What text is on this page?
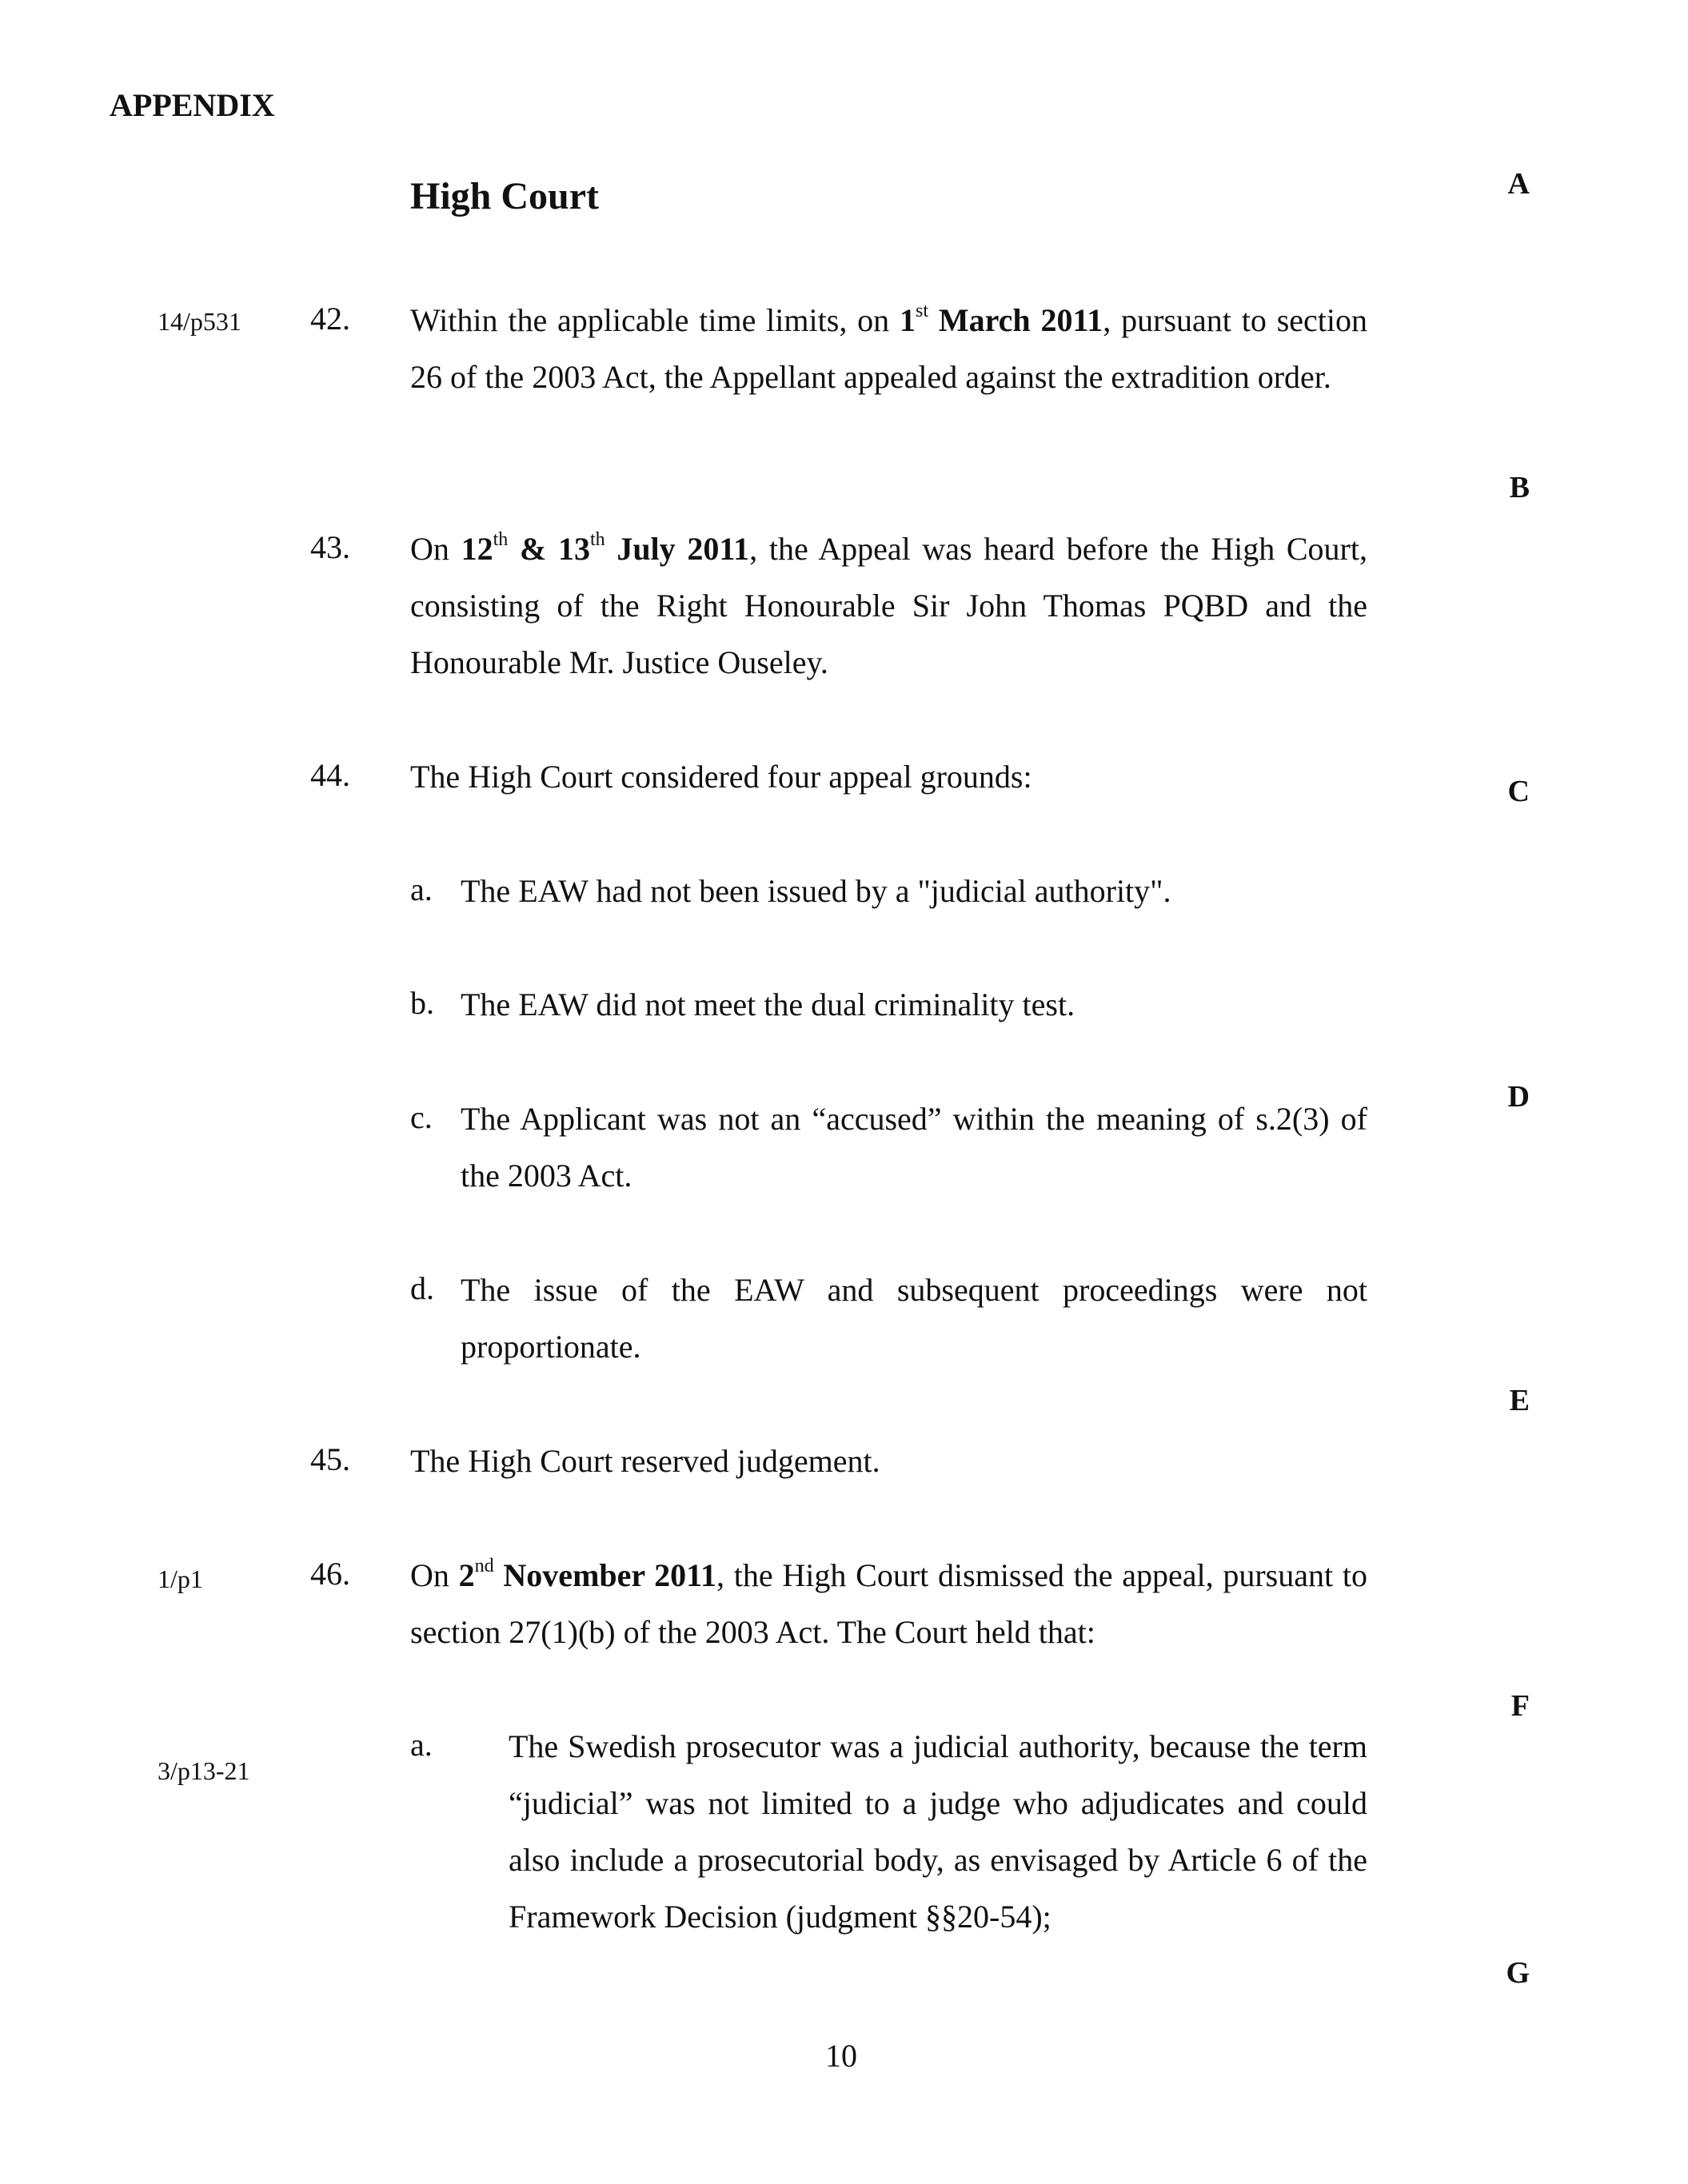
APPENDIX
High Court	A
B
C
D
E
F
G
14/p531
1/p1
3/p13-21
42. Within the applicable time limits, on 1st March 2011, pursuant to section 26 of the 2003 Act, the Appellant appealed against the extradition order.
43. On 12th & 13th July 2011, the Appeal was heard before the High Court, consisting of the Right Honourable Sir John Thomas PQBD and the Honourable Mr. Justice Ouseley.
44. The High Court considered four appeal grounds:
a. The EAW had not been issued by a "judicial authority".
b. The EAW did not meet the dual criminality test.
c. The Applicant was not an “accused” within the meaning of s.2(3) of the 2003 Act.
d. The issue of the EAW and subsequent proceedings were not proportionate.
45. The High Court reserved judgement.
46. On 2nd November 2011, the High Court dismissed the appeal, pursuant to section 27(1)(b) of the 2003 Act. The Court held that:
a. The Swedish prosecutor was a judicial authority, because the term “judicial” was not limited to a judge who adjudicates and could also include a prosecutorial body, as envisaged by Article 6 of the Framework Decision (judgment §§20-54);
10
